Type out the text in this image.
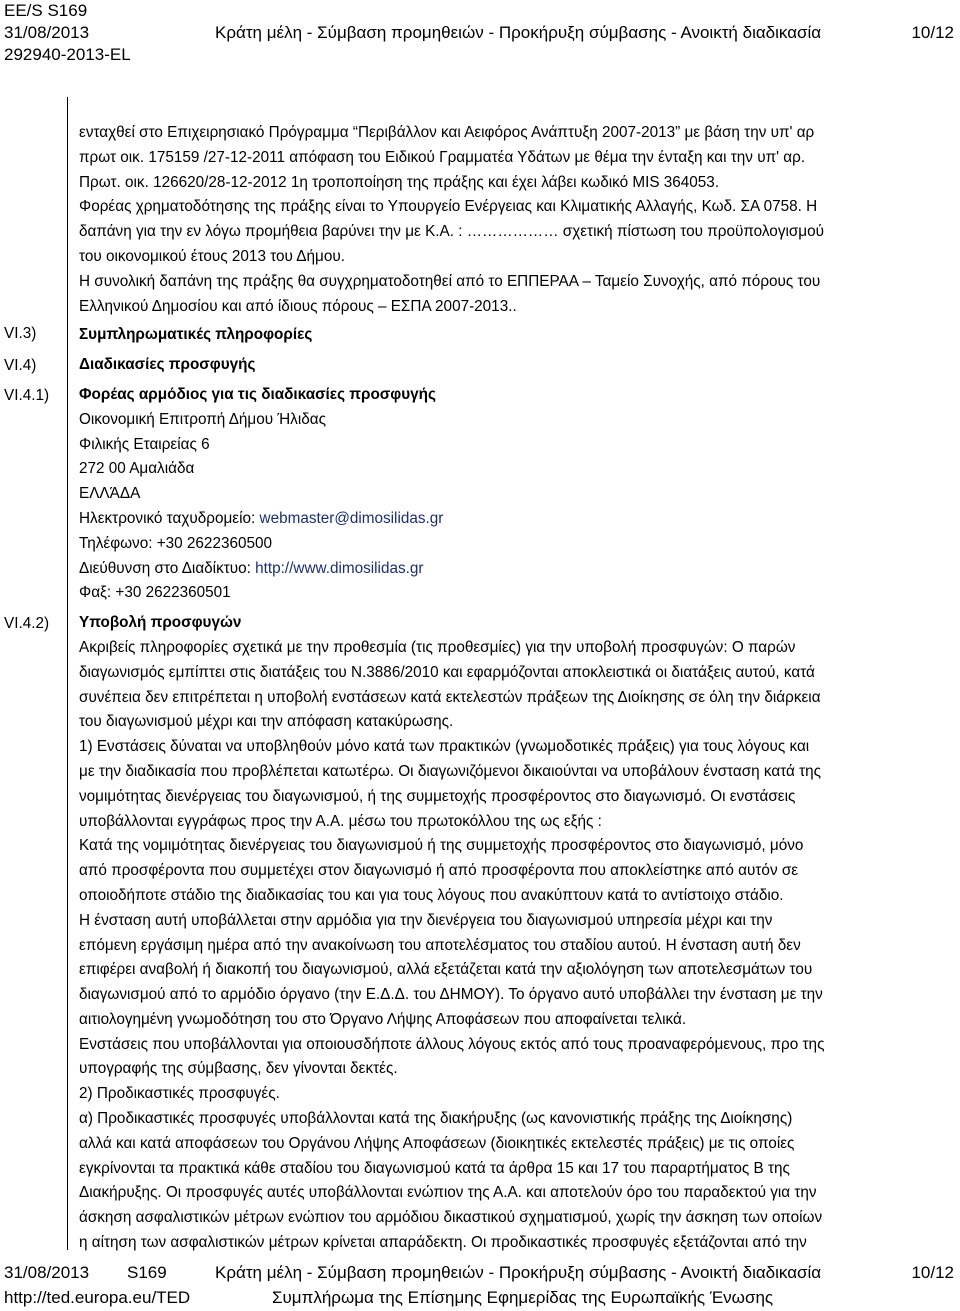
EE/S S169
31/08/2013
292940-2013-EL
Κράτη μέλη - Σύμβαση προμηθειών - Προκήρυξη σύμβασης - Ανοικτή διαδικασία	10/12
VI.3)
VI.4)
VI.4.1)
VI.4.2)

ενταχθεί στο Επιχειρησιακό Πρόγραμμα “Περιβάλλον και Αειφόρος Ανάπτυξη 2007-2013” με βάση την υπ' αρ

πρωτ οικ. 175159 /27-12-2011 απόφαση του Ειδικού Γραμματέα Υδάτων με θέμα την ένταξη και την υπ' αρ.

Πρωτ. οικ. 126620/28-12-2012 1η τροποποίηση της πράξης και έχει λάβει κωδικό MIS 364053.

Φορέας χρηματοδότησης της πράξης είναι το Υπουργείο Ενέργειας και Κλιματικής Αλλαγής, Κωδ. ΣΑ 0758. Η

δαπάνη για την εν λόγω προμήθεια βαρύνει την με Κ.Α. : ……………… σχετική πίστωση του προϋπολογισμού

του οικονομικού έτους 2013 του Δήμου.

Η συνολική δαπάνη της πράξης θα συγχρηματοδοτηθεί από το ΕΠΠΕΡΑΑ – Ταμείο Συνοχής, από πόρους του

Ελληνικού Δημοσίου και από ίδιους πόρους – ΕΣΠΑ 2007-2013..

Συμπληρωματικές πληροφορίες

Διαδικασίες προσφυγής

Φορέας αρμόδιος για τις διαδικασίες προσφυγής

Οικονομική Επιτροπή Δήμου Ήλιδας

Φιλικής Εταιρείας 6

272 00 Αμαλιάδα

ΕΛΛΆΔΑ

Ηλεκτρονικό ταχυδρομείο: webmaster@dimosilidas.gr

Τηλέφωνο: +30 2622360500

Διεύθυνση στο Διαδίκτυο: http://www.dimosilidas.gr

Φαξ: +30 2622360501

Υποβολή προσφυγών

Ακριβείς πληροφορίες σχετικά με την προθεσμία (τις προθεσμίες) για την υποβολή προσφυγών: Ο παρών

διαγωνισμός εμπίπτει στις διατάξεις του Ν.3886/2010 και εφαρμόζονται αποκλειστικά οι διατάξεις αυτού, κατά

συνέπεια δεν επιτρέπεται η υποβολή ενστάσεων κατά εκτελεστών πράξεων της Διοίκησης σε όλη την διάρκεια

του διαγωνισμού μέχρι και την απόφαση κατακύρωσης.

1) Ενστάσεις δύναται να υποβληθούν μόνο κατά των πρακτικών (γνωμοδοτικές πράξεις) για τους λόγους και

με την διαδικασία που προβλέπεται κατωτέρω. Οι διαγωνιζόμενοι δικαιούνται να υποβάλουν ένσταση κατά της

νομιμότητας διενέργειας του διαγωνισμού, ή της συμμετοχής προσφέροντος στο διαγωνισμό. Οι ενστάσεις

υποβάλλονται εγγράφως προς την Α.Α. μέσω του πρωτοκόλλου της ως εξής :

Κατά της νομιμότητας διενέργειας του διαγωνισμού ή της συμμετοχής προσφέροντος στο διαγωνισμό, μόνο

από προσφέροντα που συμμετέχει στον διαγωνισμό ή από προσφέροντα που αποκλείστηκε από αυτόν σε

οποιοδήποτε στάδιο της διαδικασίας του και για τους λόγους που ανακύπτουν κατά το αντίστοιχο στάδιο.

Η ένσταση αυτή υποβάλλεται στην αρμόδια για την διενέργεια του διαγωνισμού υπηρεσία μέχρι και την

επόμενη εργάσιμη ημέρα από την ανακοίνωση του αποτελέσματος του σταδίου αυτού. Η ένσταση αυτή δεν

επιφέρει αναβολή ή διακοπή του διαγωνισμού, αλλά εξετάζεται κατά την αξιολόγηση των αποτελεσμάτων του

διαγωνισμού από το αρμόδιο όργανο (την Ε.Δ.Δ. του ΔΗΜΟΥ). Το όργανο αυτό υποβάλλει την ένσταση με την

αιτιολογημένη γνωμοδότηση του στο Όργανο Λήψης Αποφάσεων που αποφαίνεται τελικά.

Ενστάσεις που υποβάλλονται για οποιουσδήποτε άλλους λόγους εκτός από τους προαναφερόμενους, προ της

υπογραφής της σύμβασης, δεν γίνονται δεκτές.

2) Προδικαστικές προσφυγές.

α) Προδικαστικές προσφυγές υποβάλλονται κατά της διακήρυξης (ως κανονιστικής πράξης της Διοίκησης)

αλλά και κατά αποφάσεων του Οργάνου Λήψης Αποφάσεων (διοικητικές εκτελεστές πράξεις) με τις οποίες

εγκρίνονται τα πρακτικά κάθε σταδίου του διαγωνισμού κατά τα άρθρα 15 και 17 του παραρτήματος Β της

Διακήρυξης. Οι προσφυγές αυτές υποβάλλονται ενώπιον της Α.Α. και αποτελούν όρο του παραδεκτού για την

άσκηση ασφαλιστικών μέτρων ενώπιον του αρμόδιου δικαστικού σχηματισμού, χωρίς την άσκηση των οποίων

η αίτηση των ασφαλιστικών μέτρων κρίνεται απαράδεκτη. Οι προδικαστικές προσφυγές εξετάζονται από την

31/08/2013 S169	Κράτη μέλη - Σύμβαση προμηθειών - Προκήρυξη σύμβασης - Ανοικτή διαδικασία	10/12
http://ted.europa.eu/TED	Συμπλήρωμα της Επίσημης Εφημερίδας της Ευρωπαϊκής Ένωσης
